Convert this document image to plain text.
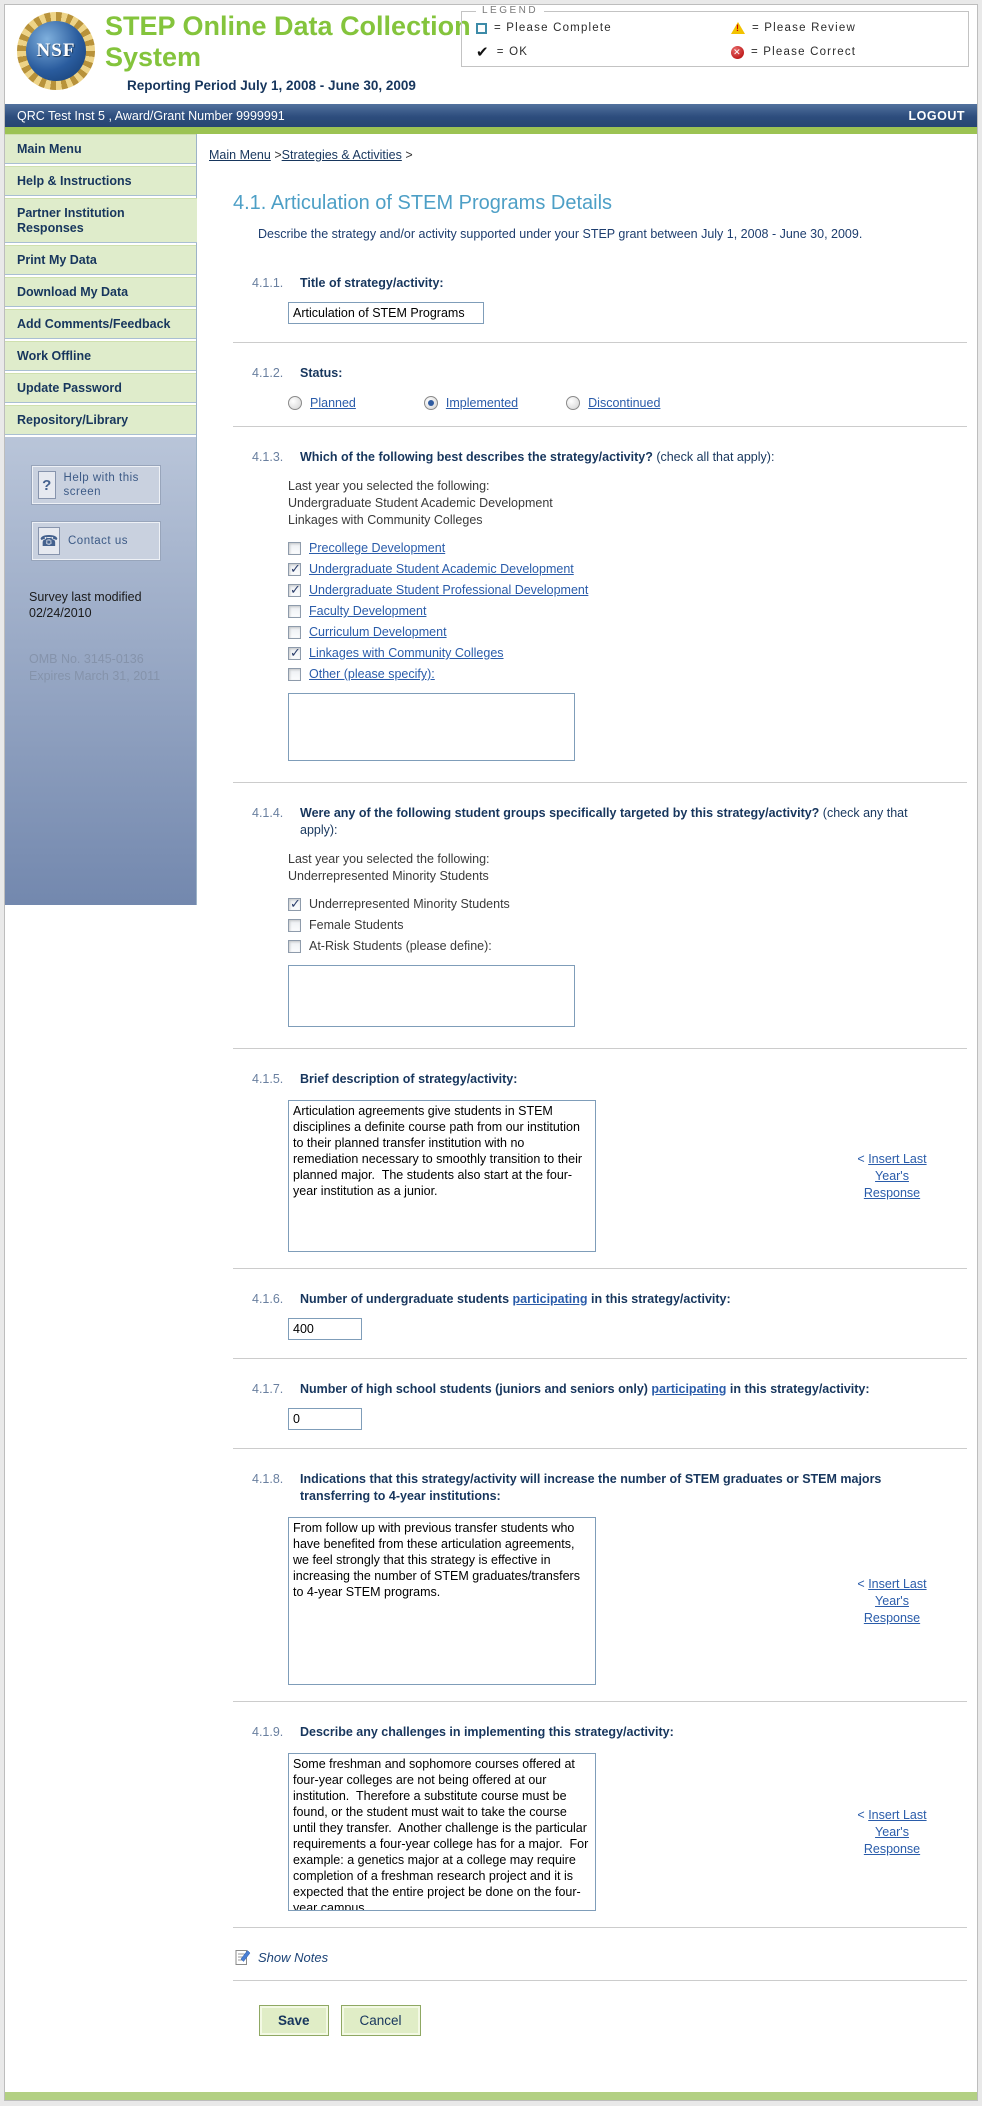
NSF
STEP Online Data Collection System
Reporting Period July 1, 2008 - June 30, 2009
LEGEND
= Please Complete !	= Please Review
✔ = OK	✕ = Please Correct
QRC Test Inst 5 , Award/Grant Number 9999991	LOGOUT
Main Menu
Help & Instructions
Partner Institution Responses
Print My Data
Download My Data
Add Comments/Feedback
Work Offline
Update Password
Repository/Library
?	Help with this screen
☎ Contact us
Survey last modified
02/24/2010
OMB No. 3145-0136
Expires March 31, 2011
Main Menu >Strategies & Activities >
4.1. Articulation of STEM Programs Details
Describe the strategy and/or activity supported under your STEP grant between July 1, 2008 - June 30, 2009.
4.1.1. Title of strategy/activity:
Articulation of STEM Programs
4.1.2. Status:
Planned	Implemented	Discontinued
4.1.3. Which of the following best describes the strategy/activity? (check all that apply):
Last year you selected the following:
Undergraduate Student Academic Development
Linkages with Community Colleges
Precollege Development
✓
Undergraduate Student Academic Development
✓
Undergraduate Student Professional Development
Faculty Development
Curriculum Development
✓
Linkages with Community Colleges
Other (please specify):
4.1.4. Were any of the following student groups specifically targeted by this strategy/activity? (check any that apply):
Last year you selected the following:
Underrepresented Minority Students
✓
Underrepresented Minority Students
Female Students
At-Risk Students (please define):
4.1.5. Brief description of strategy/activity:
Articulation agreements give students in STEM disciplines a definite course path from our institution to their planned transfer institution with no remediation necessary to smoothly transition to their planned major. The students also start at the four-year institution as a junior.
< Insert Last Year's Response
4.1.6. Number of undergraduate students participating in this strategy/activity:
400
4.1.7. Number of high school students (juniors and seniors only) participating in this strategy/activity:
0
4.1.8. Indications that this strategy/activity will increase the number of STEM graduates or STEM majors transferring to 4-year institutions:
From follow up with previous transfer students who have benefited from these articulation agreements, we feel strongly that this strategy is effective in increasing the number of STEM graduates/transfers to 4-year STEM programs.
< Insert Last Year's Response
4.1.9. Describe any challenges in implementing this strategy/activity:
Some freshman and sophomore courses offered at four-year colleges are not being offered at our institution. Therefore a substitute course must be found, or the student must wait to take the course until they transfer. Another challenge is the particular requirements a four-year college has for a major. For example: a genetics major at a college may require completion of a freshman research project and it is expected that the entire project be done on the four-year campus.
< Insert Last Year's Response
Show Notes
Save	Cancel
